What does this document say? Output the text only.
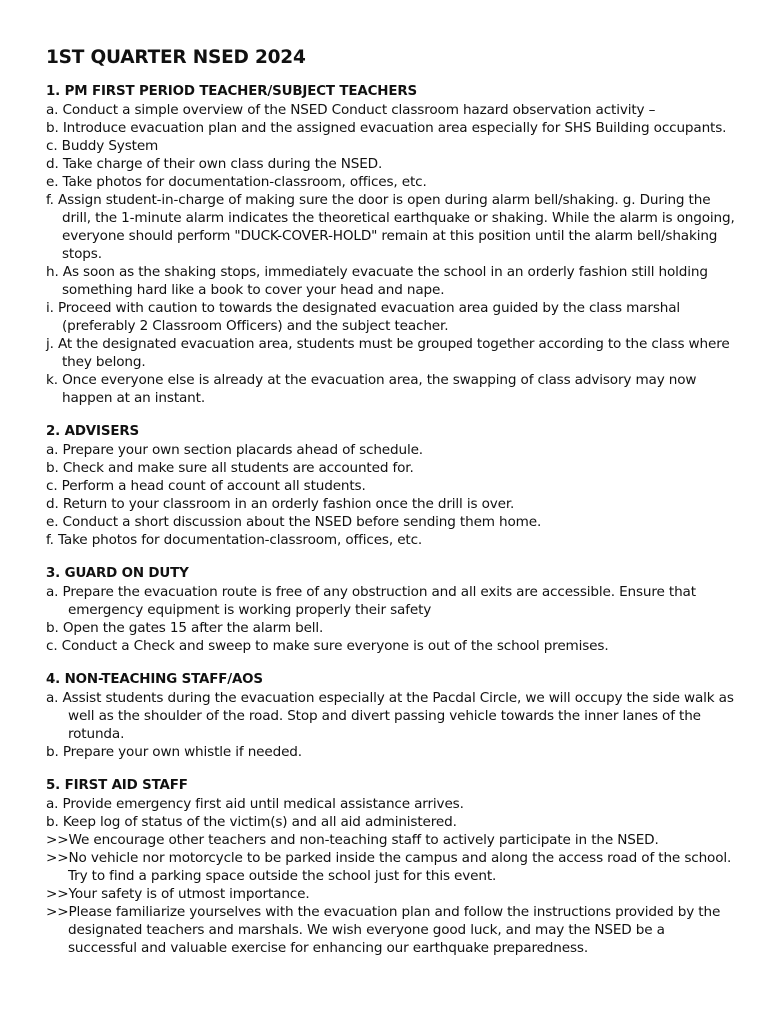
1ST QUARTER NSED 2024
1. PM FIRST PERIOD TEACHER/SUBJECT TEACHERS
a. Conduct a simple overview of the NSED Conduct classroom hazard observation activity –
b. Introduce evacuation plan and the assigned evacuation area especially for SHS Building occupants.
c. Buddy System
d. Take charge of their own class during the NSED.
e. Take photos for documentation-classroom, offices, etc.
f. Assign student-in-charge of making sure the door is open during alarm bell/shaking. g. During the drill, the 1-minute alarm indicates the theoretical earthquake or shaking. While the alarm is ongoing, everyone should perform "DUCK-COVER-HOLD" remain at this position until the alarm bell/shaking stops.
h. As soon as the shaking stops, immediately evacuate the school in an orderly fashion still holding something hard like a book to cover your head and nape.
i. Proceed with caution to towards the designated evacuation area guided by the class marshal (preferably 2 Classroom Officers) and the subject teacher.
j. At the designated evacuation area, students must be grouped together according to the class where they belong.
k. Once everyone else is already at the evacuation area, the swapping of class advisory may now happen at an instant.
2. ADVISERS
a. Prepare your own section placards ahead of schedule.
b. Check and make sure all students are accounted for.
c. Perform a head count of account all students.
d. Return to your classroom in an orderly fashion once the drill is over.
e. Conduct a short discussion about the NSED before sending them home.
f. Take photos for documentation-classroom, offices, etc.
3. GUARD ON DUTY
a. Prepare the evacuation route is free of any obstruction and all exits are accessible. Ensure that emergency equipment is working properly their safety
b. Open the gates 15 after the alarm bell.
c. Conduct a Check and sweep to make sure everyone is out of the school premises.
4. NON-TEACHING STAFF/AOS
a. Assist students during the evacuation especially at the Pacdal Circle, we will occupy the side walk as well as the shoulder of the road. Stop and divert passing vehicle towards the inner lanes of the rotunda.
b. Prepare your own whistle if needed.
5. FIRST AID STAFF
a. Provide emergency first aid until medical assistance arrives.
b. Keep log of status of the victim(s) and all aid administered.
>>We encourage other teachers and non-teaching staff to actively participate in the NSED.
>>No vehicle nor motorcycle to be parked inside the campus and along the access road of the school. Try to find a parking space outside the school just for this event.
>>Your safety is of utmost importance.
>>Please familiarize yourselves with the evacuation plan and follow the instructions provided by the designated teachers and marshals. We wish everyone good luck, and may the NSED be a successful and valuable exercise for enhancing our earthquake preparedness.
